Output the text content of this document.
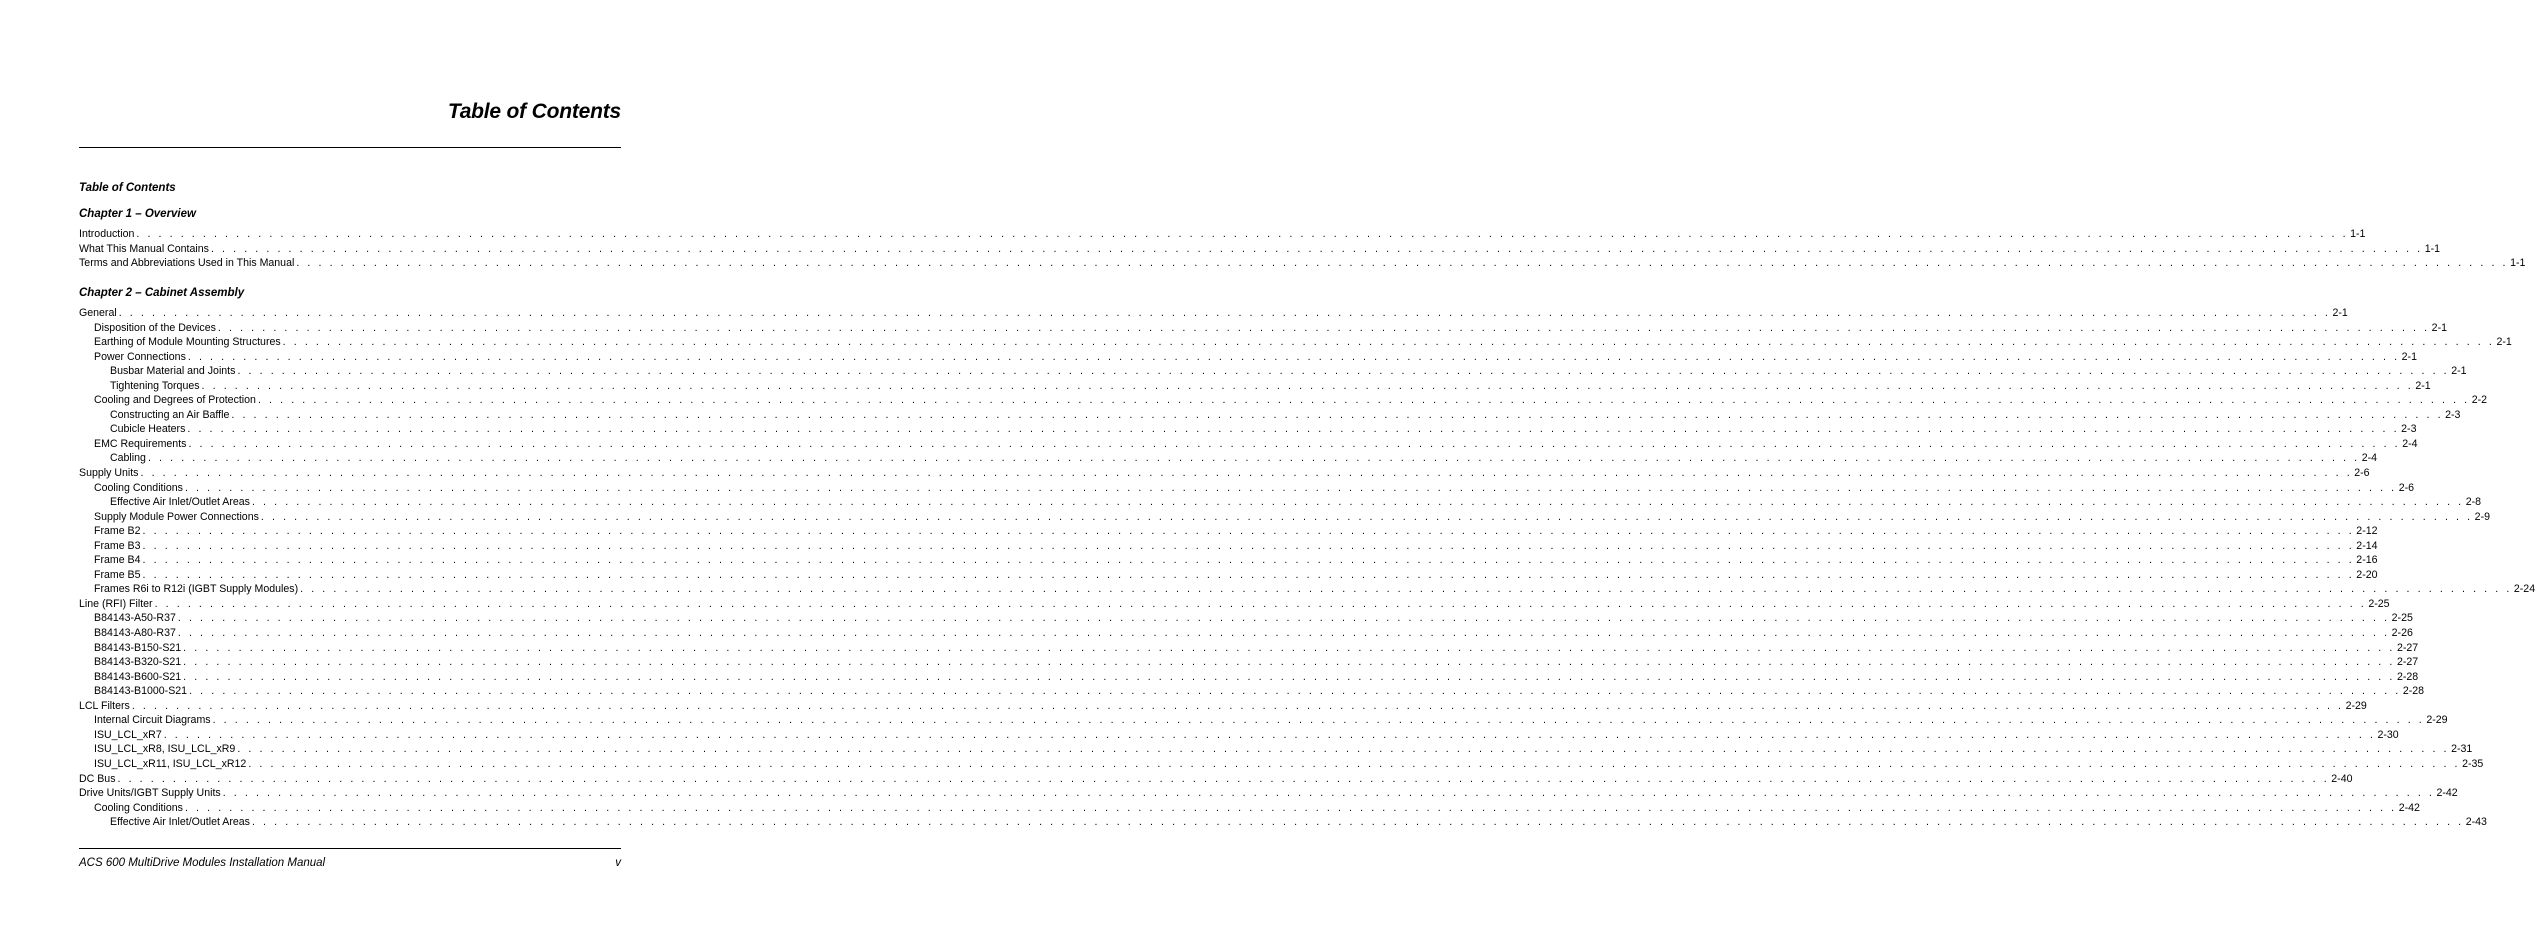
Table of Contents
Table of Contents
Chapter 1 – Overview
Introduction . . . . . . . . . . . . . . . . . . . . . . . . . . . . . . . . . . . . . . . . . . . . . . . . . . . . . . . . . . . . . . . . . . . . . . . . . . . . . . . . . . . . . . . . . . . . . . . . . . . . . . . . . . . . . . . . . . . . . . . . . . . . . . . . . . . . . . . . . . . . . . . . . . . . . . . . . . . . . . . . . . . . . . . . . . . . . . . . . . . . . . . . . . . . . . . . . . . . . . . . 1-1
What This Manual Contains . . . . . . . . . . . . . . . . . . . . . . . . . . . . . . . . . . . . . . . . . . . . . . . . . . . . . . . . . . . . . . . . . . . . . . . . . . . . . . . . . . . . . . . . . . . . . . . . . . . . . . . . . . . . . . . . . . . . . . . . . . . . . . . . . . . . . . . . . . . . . . . . . . . . . . . . . . . . . . . . . . . . . . . . . . . . . . . . . . . . . . . . . . . . . . . . . . . . . . . . 1-1
Terms and Abbreviations Used in This Manual . . . . . . . . . . . . . . . . . . . . . . . . . . . . . . . . . . . . . . . . . . . . . . . . . . . . . . . . . . . . . . . . . . . . . . . . . . . . . . . . . . . . . . . . . . . . . . . . . . . . . . . . . . . . . . . . . . . . . . . . . . . . . . . . . . . . . . . . . . . . . . . . . . . . . . . . . . . . . . . . . . . . . . . . . . . . . . . . . . . . . . . . . . . . . . . . . . . . . . . . 1-1
Chapter 2 – Cabinet Assembly
General . . . . . . . . . . . . . . . . . . . . . . . . . . . . . . . . . . . . . . . . . . . . . . . . . . . . . . . . . . . . . . . . . . . . . . . . . . . . . . . . . . . . . . . . . . . . . . . . . . . . . . . . . . . . . . . . . . . . . . . . . . . . . . . . . . . . . . . . . . . . . . . . . . . . . . . . . . . . . . . . . . . . . . . . . . . . . . . . . . . . . . . . . . . . . . . . . . . . . . . . 2-1
Disposition of the Devices . . . . . . . . . . . . . . . . . . . . . . . . . . . . . . . . . . . . . . . . . . . . . . . . . . . . . . . . . . . . . . . . . . . . . . . . . . . . . . . . . . . . . . . . . . . . . . . . . . . . . . . . . . . . . . . . . . . . . . . . . . . . . . . . . . . . . . . . . . . . . . . . . . . . . . . . . . . . . . . . . . . . . . . . . . . . . . . . . . . . . . . . . . . . . . . . . . . . . . . . 2-1
Earthing of Module Mounting Structures . . . . . . . . . . . . . . . . . . . . . . . . . . . . . . . . . . . . . . . . . . . . . . . . . . . . . . . . . . . . . . . . . . . . . . . . . . . . . . . . . . . . . . . . . . . . . . . . . . . . . . . . . . . . . . . . . . . . . . . . . . . . . . . . . . . . . . . . . . . . . . . . . . . . . . . . . . . . . . . . . . . . . . . . . . . . . . . . . . . . . . . . . . . . . . . . . . . . . . . . 2-1
Power Connections . . . . . . . . . . . . . . . . . . . . . . . . . . . . . . . . . . . . . . . . . . . . . . . . . . . . . . . . . . . . . . . . . . . . . . . . . . . . . . . . . . . . . . . . . . . . . . . . . . . . . . . . . . . . . . . . . . . . . . . . . . . . . . . . . . . . . . . . . . . . . . . . . . . . . . . . . . . . . . . . . . . . . . . . . . . . . . . . . . . . . . . . . . . . . . . . . . . . . . . . 2-1
Busbar Material and Joints . . . . . . . . . . . . . . . . . . . . . . . . . . . . . . . . . . . . . . . . . . . . . . . . . . . . . . . . . . . . . . . . . . . . . . . . . . . . . . . . . . . . . . . . . . . . . . . . . . . . . . . . . . . . . . . . . . . . . . . . . . . . . . . . . . . . . . . . . . . . . . . . . . . . . . . . . . . . . . . . . . . . . . . . . . . . . . . . . . . . . . . . . . . . . . . . . . . . . . . . 2-1
Tightening Torques . . . . . . . . . . . . . . . . . . . . . . . . . . . . . . . . . . . . . . . . . . . . . . . . . . . . . . . . . . . . . . . . . . . . . . . . . . . . . . . . . . . . . . . . . . . . . . . . . . . . . . . . . . . . . . . . . . . . . . . . . . . . . . . . . . . . . . . . . . . . . . . . . . . . . . . . . . . . . . . . . . . . . . . . . . . . . . . . . . . . . . . . . . . . . . . . . . . . . . . . 2-1
Cooling and Degrees of Protection . . . . . . . . . . . . . . . . . . . . . . . . . . . . . . . . . . . . . . . . . . . . . . . . . . . . . . . . . . . . . . . . . . . . . . . . . . . . . . . . . . . . . . . . . . . . . . . . . . . . . . . . . . . . . . . . . . . . . . . . . . . . . . . . . . . . . . . . . . . . . . . . . . . . . . . . . . . . . . . . . . . . . . . . . . . . . . . . . . . . . . . . . . . . . . . . . . . . . . . . 2-2
Constructing an Air Baffle . . . . . . . . . . . . . . . . . . . . . . . . . . . . . . . . . . . . . . . . . . . . . . . . . . . . . . . . . . . . . . . . . . . . . . . . . . . . . . . . . . . . . . . . . . . . . . . . . . . . . . . . . . . . . . . . . . . . . . . . . . . . . . . . . . . . . . . . . . . . . . . . . . . . . . . . . . . . . . . . . . . . . . . . . . . . . . . . . . . . . . . . . . . . . . . . . . . . . . . . 2-3
Cubicle Heaters . . . . . . . . . . . . . . . . . . . . . . . . . . . . . . . . . . . . . . . . . . . . . . . . . . . . . . . . . . . . . . . . . . . . . . . . . . . . . . . . . . . . . . . . . . . . . . . . . . . . . . . . . . . . . . . . . . . . . . . . . . . . . . . . . . . . . . . . . . . . . . . . . . . . . . . . . . . . . . . . . . . . . . . . . . . . . . . . . . . . . . . . . . . . . . . . . . . . . . . . 2-3
EMC Requirements . . . . . . . . . . . . . . . . . . . . . . . . . . . . . . . . . . . . . . . . . . . . . . . . . . . . . . . . . . . . . . . . . . . . . . . . . . . . . . . . . . . . . . . . . . . . . . . . . . . . . . . . . . . . . . . . . . . . . . . . . . . . . . . . . . . . . . . . . . . . . . . . . . . . . . . . . . . . . . . . . . . . . . . . . . . . . . . . . . . . . . . . . . . . . . . . . . . . . . . . 2-4
Cabling . . . . . . . . . . . . . . . . . . . . . . . . . . . . . . . . . . . . . . . . . . . . . . . . . . . . . . . . . . . . . . . . . . . . . . . . . . . . . . . . . . . . . . . . . . . . . . . . . . . . . . . . . . . . . . . . . . . . . . . . . . . . . . . . . . . . . . . . . . . . . . . . . . . . . . . . . . . . . . . . . . . . . . . . . . . . . . . . . . . . . . . . . . . . . . . . . . . . . . . . 2-4
Supply Units . . . . . . . . . . . . . . . . . . . . . . . . . . . . . . . . . . . . . . . . . . . . . . . . . . . . . . . . . . . . . . . . . . . . . . . . . . . . . . . . . . . . . . . . . . . . . . . . . . . . . . . . . . . . . . . . . . . . . . . . . . . . . . . . . . . . . . . . . . . . . . . . . . . . . . . . . . . . . . . . . . . . . . . . . . . . . . . . . . . . . . . . . . . . . . . . . . . . . . . . 2-6
Cooling Conditions . . . . . . . . . . . . . . . . . . . . . . . . . . . . . . . . . . . . . . . . . . . . . . . . . . . . . . . . . . . . . . . . . . . . . . . . . . . . . . . . . . . . . . . . . . . . . . . . . . . . . . . . . . . . . . . . . . . . . . . . . . . . . . . . . . . . . . . . . . . . . . . . . . . . . . . . . . . . . . . . . . . . . . . . . . . . . . . . . . . . . . . . . . . . . . . . . . . . . . . . 2-6
Effective Air Inlet/Outlet Areas . . . . . . . . . . . . . . . . . . . . . . . . . . . . . . . . . . . . . . . . . . . . . . . . . . . . . . . . . . . . . . . . . . . . . . . . . . . . . . . . . . . . . . . . . . . . . . . . . . . . . . . . . . . . . . . . . . . . . . . . . . . . . . . . . . . . . . . . . . . . . . . . . . . . . . . . . . . . . . . . . . . . . . . . . . . . . . . . . . . . . . . . . . . . . . . . . . . . . . . . 2-8
Supply Module Power Connections . . . . . . . . . . . . . . . . . . . . . . . . . . . . . . . . . . . . . . . . . . . . . . . . . . . . . . . . . . . . . . . . . . . . . . . . . . . . . . . . . . . . . . . . . . . . . . . . . . . . . . . . . . . . . . . . . . . . . . . . . . . . . . . . . . . . . . . . . . . . . . . . . . . . . . . . . . . . . . . . . . . . . . . . . . . . . . . . . . . . . . . . . . . . . . . . . . . . . . . . 2-9
Frame B2 . . . . . . . . . . . . . . . . . . . . . . . . . . . . . . . . . . . . . . . . . . . . . . . . . . . . . . . . . . . . . . . . . . . . . . . . . . . . . . . . . . . . . . . . . . . . . . . . . . . . . . . . . . . . . . . . . . . . . . . . . . . . . . . . . . . . . . . . . . . . . . . . . . . . . . . . . . . . . . . . . . . . . . . . . . . . . . . . . . . . . . . . . . . . . . . . . . . . . . . . 2-12
Frame B3 . . . . . . . . . . . . . . . . . . . . . . . . . . . . . . . . . . . . . . . . . . . . . . . . . . . . . . . . . . . . . . . . . . . . . . . . . . . . . . . . . . . . . . . . . . . . . . . . . . . . . . . . . . . . . . . . . . . . . . . . . . . . . . . . . . . . . . . . . . . . . . . . . . . . . . . . . . . . . . . . . . . . . . . . . . . . . . . . . . . . . . . . . . . . . . . . . . . . . . . . 2-14
Frame B4 . . . . . . . . . . . . . . . . . . . . . . . . . . . . . . . . . . . . . . . . . . . . . . . . . . . . . . . . . . . . . . . . . . . . . . . . . . . . . . . . . . . . . . . . . . . . . . . . . . . . . . . . . . . . . . . . . . . . . . . . . . . . . . . . . . . . . . . . . . . . . . . . . . . . . . . . . . . . . . . . . . . . . . . . . . . . . . . . . . . . . . . . . . . . . . . . . . . . . . . . 2-16
Frame B5 . . . . . . . . . . . . . . . . . . . . . . . . . . . . . . . . . . . . . . . . . . . . . . . . . . . . . . . . . . . . . . . . . . . . . . . . . . . . . . . . . . . . . . . . . . . . . . . . . . . . . . . . . . . . . . . . . . . . . . . . . . . . . . . . . . . . . . . . . . . . . . . . . . . . . . . . . . . . . . . . . . . . . . . . . . . . . . . . . . . . . . . . . . . . . . . . . . . . . . . . 2-20
Frames R6i to R12i (IGBT Supply Modules) . . . . . . . . . . . . . . . . . . . . . . . . . . . . . . . . . . . . . . . . . . . . . . . . . . . . . . . . . . . . . . . . . . . . . . . . . . . . . . . . . . . . . . . . . . . . . . . . . . . . . . . . . . . . . . . . . . . . . . . . . . . . . . . . . . . . . . . . . . . . . . . . . . . . . . . . . . . . . . . . . . . . . . . . . . . . . . . . . . . . . . . . . . . . . . . . . . . . . . . . 2-24
Line (RFI) Filter . . . . . . . . . . . . . . . . . . . . . . . . . . . . . . . . . . . . . . . . . . . . . . . . . . . . . . . . . . . . . . . . . . . . . . . . . . . . . . . . . . . . . . . . . . . . . . . . . . . . . . . . . . . . . . . . . . . . . . . . . . . . . . . . . . . . . . . . . . . . . . . . . . . . . . . . . . . . . . . . . . . . . . . . . . . . . . . . . . . . . . . . . . . . . . . . . . . . . . . . 2-25
B84143-A50-R37 . . . . . . . . . . . . . . . . . . . . . . . . . . . . . . . . . . . . . . . . . . . . . . . . . . . . . . . . . . . . . . . . . . . . . . . . . . . . . . . . . . . . . . . . . . . . . . . . . . . . . . . . . . . . . . . . . . . . . . . . . . . . . . . . . . . . . . . . . . . . . . . . . . . . . . . . . . . . . . . . . . . . . . . . . . . . . . . . . . . . . . . . . . . . . . . . . . . . . . . . 2-25
B84143-A80-R37 . . . . . . . . . . . . . . . . . . . . . . . . . . . . . . . . . . . . . . . . . . . . . . . . . . . . . . . . . . . . . . . . . . . . . . . . . . . . . . . . . . . . . . . . . . . . . . . . . . . . . . . . . . . . . . . . . . . . . . . . . . . . . . . . . . . . . . . . . . . . . . . . . . . . . . . . . . . . . . . . . . . . . . . . . . . . . . . . . . . . . . . . . . . . . . . . . . . . . . . . 2-26
B84143-B150-S21 . . . . . . . . . . . . . . . . . . . . . . . . . . . . . . . . . . . . . . . . . . . . . . . . . . . . . . . . . . . . . . . . . . . . . . . . . . . . . . . . . . . . . . . . . . . . . . . . . . . . . . . . . . . . . . . . . . . . . . . . . . . . . . . . . . . . . . . . . . . . . . . . . . . . . . . . . . . . . . . . . . . . . . . . . . . . . . . . . . . . . . . . . . . . . . . . . . . . . . . . 2-27
B84143-B320-S21 . . . . . . . . . . . . . . . . . . . . . . . . . . . . . . . . . . . . . . . . . . . . . . . . . . . . . . . . . . . . . . . . . . . . . . . . . . . . . . . . . . . . . . . . . . . . . . . . . . . . . . . . . . . . . . . . . . . . . . . . . . . . . . . . . . . . . . . . . . . . . . . . . . . . . . . . . . . . . . . . . . . . . . . . . . . . . . . . . . . . . . . . . . . . . . . . . . . . . . . . 2-27
B84143-B600-S21 . . . . . . . . . . . . . . . . . . . . . . . . . . . . . . . . . . . . . . . . . . . . . . . . . . . . . . . . . . . . . . . . . . . . . . . . . . . . . . . . . . . . . . . . . . . . . . . . . . . . . . . . . . . . . . . . . . . . . . . . . . . . . . . . . . . . . . . . . . . . . . . . . . . . . . . . . . . . . . . . . . . . . . . . . . . . . . . . . . . . . . . . . . . . . . . . . . . . . . . . 2-28
B84143-B1000-S21 . . . . . . . . . . . . . . . . . . . . . . . . . . . . . . . . . . . . . . . . . . . . . . . . . . . . . . . . . . . . . . . . . . . . . . . . . . . . . . . . . . . . . . . . . . . . . . . . . . . . . . . . . . . . . . . . . . . . . . . . . . . . . . . . . . . . . . . . . . . . . . . . . . . . . . . . . . . . . . . . . . . . . . . . . . . . . . . . . . . . . . . . . . . . . . . . . . . . . . . . 2-28
LCL Filters . . . . . . . . . . . . . . . . . . . . . . . . . . . . . . . . . . . . . . . . . . . . . . . . . . . . . . . . . . . . . . . . . . . . . . . . . . . . . . . . . . . . . . . . . . . . . . . . . . . . . . . . . . . . . . . . . . . . . . . . . . . . . . . . . . . . . . . . . . . . . . . . . . . . . . . . . . . . . . . . . . . . . . . . . . . . . . . . . . . . . . . . . . . . . . . . . . . . . . . . 2-29
Internal Circuit Diagrams . . . . . . . . . . . . . . . . . . . . . . . . . . . . . . . . . . . . . . . . . . . . . . . . . . . . . . . . . . . . . . . . . . . . . . . . . . . . . . . . . . . . . . . . . . . . . . . . . . . . . . . . . . . . . . . . . . . . . . . . . . . . . . . . . . . . . . . . . . . . . . . . . . . . . . . . . . . . . . . . . . . . . . . . . . . . . . . . . . . . . . . . . . . . . . . . . . . . . . . . 2-29
ISU_LCL_xR7 . . . . . . . . . . . . . . . . . . . . . . . . . . . . . . . . . . . . . . . . . . . . . . . . . . . . . . . . . . . . . . . . . . . . . . . . . . . . . . . . . . . . . . . . . . . . . . . . . . . . . . . . . . . . . . . . . . . . . . . . . . . . . . . . . . . . . . . . . . . . . . . . . . . . . . . . . . . . . . . . . . . . . . . . . . . . . . . . . . . . . . . . . . . . . . . . . . . . . . . . 2-30
ISU_LCL_xR8, ISU_LCL_xR9 . . . . . . . . . . . . . . . . . . . . . . . . . . . . . . . . . . . . . . . . . . . . . . . . . . . . . . . . . . . . . . . . . . . . . . . . . . . . . . . . . . . . . . . . . . . . . . . . . . . . . . . . . . . . . . . . . . . . . . . . . . . . . . . . . . . . . . . . . . . . . . . . . . . . . . . . . . . . . . . . . . . . . . . . . . . . . . . . . . . . . . . . . . . . . . . . . . . . . . . . 2-31
ISU_LCL_xR11, ISU_LCL_xR12 . . . . . . . . . . . . . . . . . . . . . . . . . . . . . . . . . . . . . . . . . . . . . . . . . . . . . . . . . . . . . . . . . . . . . . . . . . . . . . . . . . . . . . . . . . . . . . . . . . . . . . . . . . . . . . . . . . . . . . . . . . . . . . . . . . . . . . . . . . . . . . . . . . . . . . . . . . . . . . . . . . . . . . . . . . . . . . . . . . . . . . . . . . . . . . . . . . . . . . . . 2-35
DC Bus . . . . . . . . . . . . . . . . . . . . . . . . . . . . . . . . . . . . . . . . . . . . . . . . . . . . . . . . . . . . . . . . . . . . . . . . . . . . . . . . . . . . . . . . . . . . . . . . . . . . . . . . . . . . . . . . . . . . . . . . . . . . . . . . . . . . . . . . . . . . . . . . . . . . . . . . . . . . . . . . . . . . . . . . . . . . . . . . . . . . . . . . . . . . . . . . . . . . . . . . 2-40
Drive Units/IGBT Supply Units . . . . . . . . . . . . . . . . . . . . . . . . . . . . . . . . . . . . . . . . . . . . . . . . . . . . . . . . . . . . . . . . . . . . . . . . . . . . . . . . . . . . . . . . . . . . . . . . . . . . . . . . . . . . . . . . . . . . . . . . . . . . . . . . . . . . . . . . . . . . . . . . . . . . . . . . . . . . . . . . . . . . . . . . . . . . . . . . . . . . . . . . . . . . . . . . . . . . . . . . 2-42
Cooling Conditions . . . . . . . . . . . . . . . . . . . . . . . . . . . . . . . . . . . . . . . . . . . . . . . . . . . . . . . . . . . . . . . . . . . . . . . . . . . . . . . . . . . . . . . . . . . . . . . . . . . . . . . . . . . . . . . . . . . . . . . . . . . . . . . . . . . . . . . . . . . . . . . . . . . . . . . . . . . . . . . . . . . . . . . . . . . . . . . . . . . . . . . . . . . . . . . . . . . . . . . . 2-42
Effective Air Inlet/Outlet Areas . . . . . . . . . . . . . . . . . . . . . . . . . . . . . . . . . . . . . . . . . . . . . . . . . . . . . . . . . . . . . . . . . . . . . . . . . . . . . . . . . . . . . . . . . . . . . . . . . . . . . . . . . . . . . . . . . . . . . . . . . . . . . . . . . . . . . . . . . . . . . . . . . . . . . . . . . . . . . . . . . . . . . . . . . . . . . . . . . . . . . . . . . . . . . . . . . . . . . . . . 2-43
ACS 600 MultiDrive Modules Installation Manual	v
